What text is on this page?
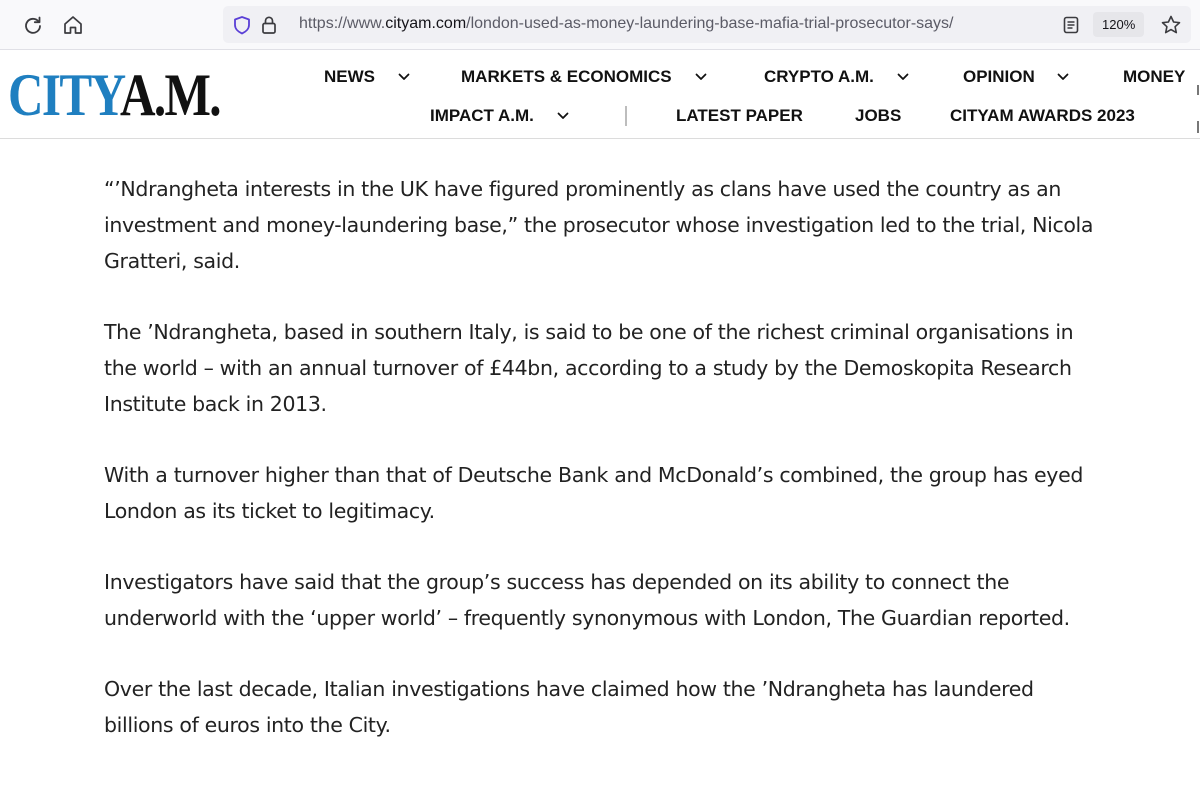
https://www.cityam.com/london-used-as-money-laundering-base-mafia-trial-prosecutor-says/	120%
CITYA.M.	NEWS	MARKETS & ECONOMICS	CRYPTO A.M.	OPINION	MONEY
IMPACT A.M.	LATEST PAPER	JOBS	CITYAM AWARDS 2023

“’Ndrangheta interests in the UK have figured prominently as clans have used the country as an investment and money-laundering base,” the prosecutor whose investigation led to the trial, Nicola Gratteri, said.

The ’Ndrangheta, based in southern Italy, is said to be one of the richest criminal organisations in the world – with an annual turnover of £44bn, according to a study by the Demoskopita Research Institute back in 2013.

With a turnover higher than that of Deutsche Bank and McDonald’s combined, the group has eyed London as its ticket to legitimacy.

Investigators have said that the group’s success has depended on its ability to connect the underworld with the ‘upper world’ – frequently synonymous with London, The Guardian reported.

Over the last decade, Italian investigations have claimed how the ’Ndrangheta has laundered billions of euros into the City.
